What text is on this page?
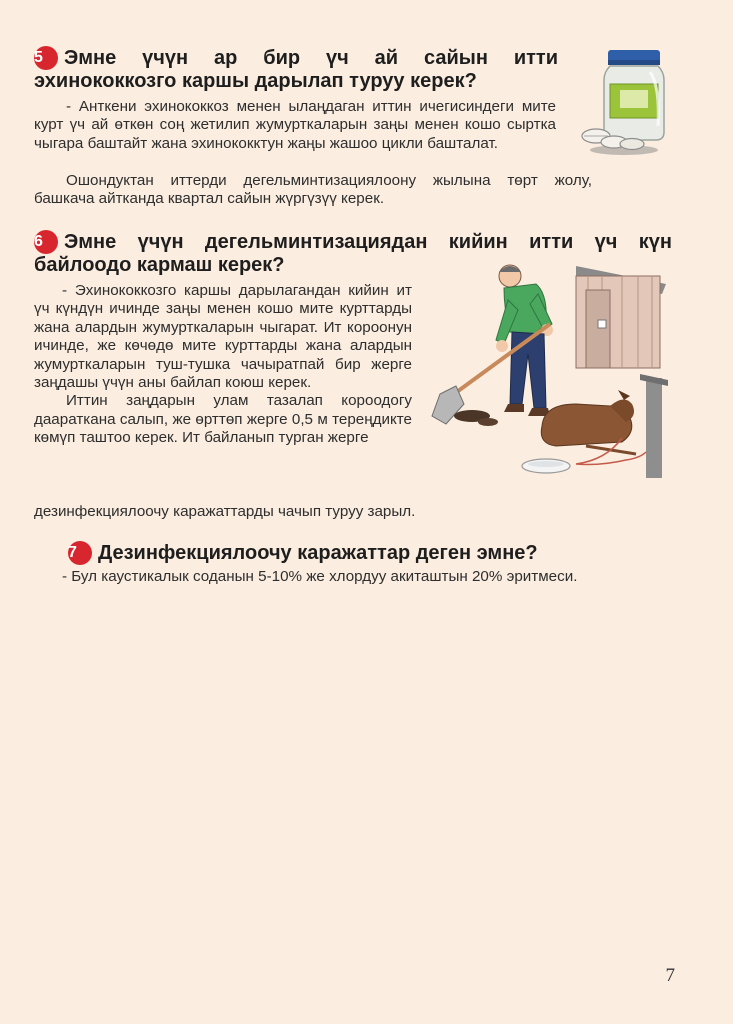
5 Эмне үчүн ар бир үч ай сайын итти эхинококкозго каршы дарылап туруу керек?

- Анткени эхинококкоз менен ылаңдаган иттин ичегисиндеги мите курт үч ай өткөн соң жетилип жумурткаларын заңы менен кошо сыртка чыгара баштайт жана эхинококктун жаңы жашоо цикли башталат.

Ошондуктан иттерди дегельминтизациялоону жылына төрт жолу, башкача айтканда квартал сайын жүргүзүү керек.

6 Эмне үчүн дегельминтизациядан кийин итти үч күн байлоодо кармаш керек?

- Эхинококкозго каршы дарылагандан кийин ит үч күндүн ичинде заңы менен кошо мите курттарды жана алардын жумурткаларын чыгарат. Ит короонун ичинде, же көчөдө мите курттарды жана алардын жумурткаларын туш-тушка чачыратпай бир жерге заңдашы үчүн аны байлап коюш керек.

Иттин заңдарын улам тазалап короодогу даараткана салып, же өрттөп жерге 0,5 м тереңдикте көмүп таштоо керек. Ит байланып турган жерге

дезинфекциялоочу каражаттарды чачып туруу зарыл.

7 Дезинфекциялоочу каражаттар деген эмне?

- Бул каустикалык соданын 5-10% же хлордуу акиташтын 20% эритмеси.

7
